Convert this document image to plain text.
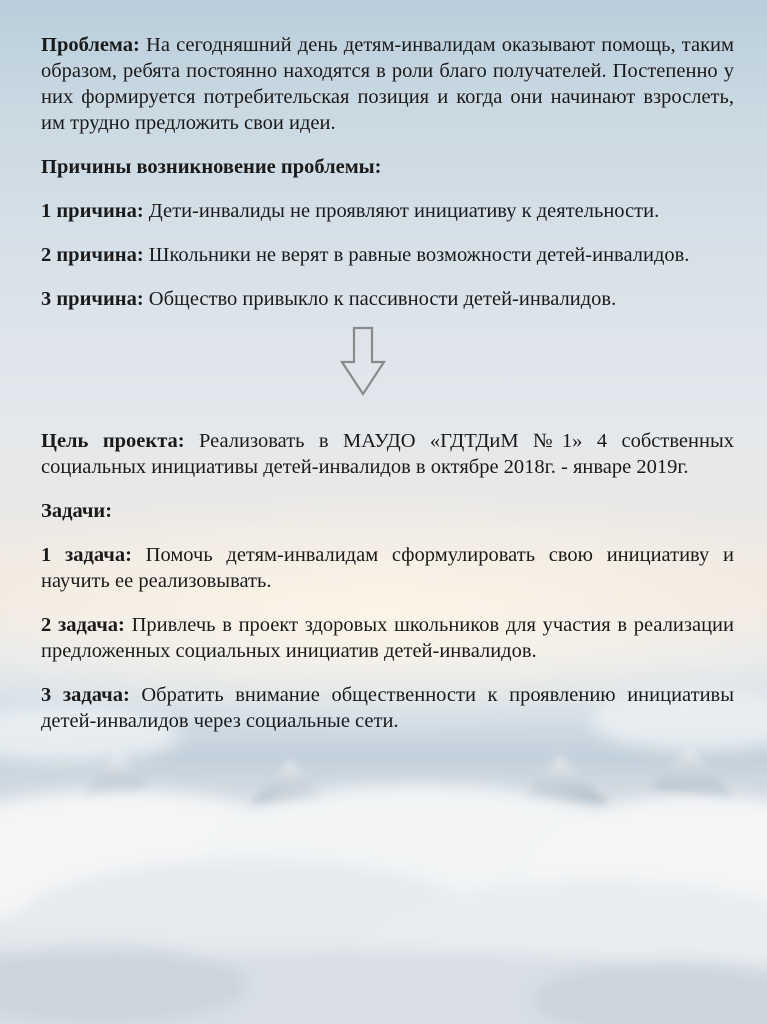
Проблема: На сегодняшний день детям-инвалидам оказывают помощь, таким образом, ребята постоянно находятся в роли благо получателей. Постепенно у них формируется потребительская позиция и когда они начинают взрослеть, им трудно предложить свои идеи.

Причины возникновение проблемы:

1 причина: Дети-инвалиды не проявляют инициативу к деятельности.

2 причина: Школьники не верят в равные возможности детей-инвалидов.

3 причина: Общество привыкло к пассивности детей-инвалидов.

Цель проекта: Реализовать в МАУДО «ГДТДиМ №1» 4 собственных социальных инициативы детей-инвалидов в октябре 2018г. - январе 2019г.

Задачи:

1 задача: Помочь детям-инвалидам сформулировать свою инициативу и научить ее реализовывать.

2 задача: Привлечь в проект здоровых школьников для участия в реализации предложенных социальных инициатив детей-инвалидов.

3 задача: Обратить внимание общественности к проявлению инициативы детей-инвалидов через социальные сети.
